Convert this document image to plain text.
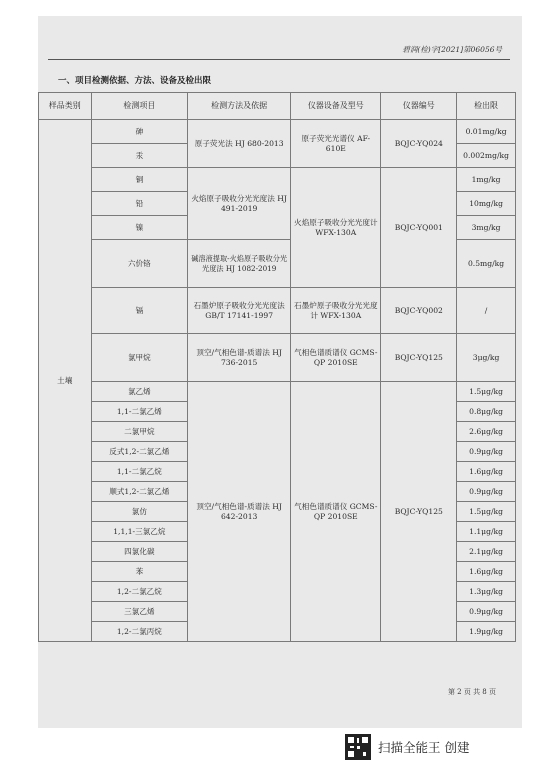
碧润(检)字[2021]第06056号
一、项目检测依据、方法、设备及检出限
样品类别	检测项目	检测方法及依据	仪器设备及型号	仪器编号	检出限
土壤	砷	原子荧光法 HJ 680-2013	原子荧光光谱仪 AF-610E	BQJC-YQ024	0.01mg/kg
	汞				0.002mg/kg
	铜	火焰原子吸收分光光度法 HJ 491-2019	火焰原子吸收分光光度计 WFX-130A	BQJC-YQ001	1mg/kg
	铅				10mg/kg
	镍				3mg/kg
	六价铬	碱溶液提取-火焰原子吸收分光光度法 HJ 1082-2019			0.5mg/kg
	镉	石墨炉原子吸收分光光度法 GB/T 17141-1997	石墨炉原子吸收分光光度计 WFX-130A	BQJC-YQ002	/
	氯甲烷	顶空/气相色谱-质谱法 HJ 736-2015	气相色谱质谱仪 GCMS-QP 2010SE	BQJC-YQ125	3μg/kg
	氯乙烯	顶空/气相色谱-质谱法 HJ 642-2013	气相色谱质谱仪 GCMS-QP 2010SE	BQJC-YQ125	1.5μg/kg
	1,1-二氯乙烯				0.8μg/kg
	二氯甲烷				2.6μg/kg
	反式1,2-二氯乙烯				0.9μg/kg
	1,1-二氯乙烷				1.6μg/kg
	顺式1,2-二氯乙烯				0.9μg/kg
	氯仿				1.5μg/kg
	1,1,1-三氯乙烷				1.1μg/kg
	四氯化碳				2.1μg/kg
	苯				1.6μg/kg
	1,2-二氯乙烷				1.3μg/kg
	三氯乙烯				0.9μg/kg
	1,2-二氯丙烷				1.9μg/kg
第 2 页 共 8 页
扫描全能王 创建
